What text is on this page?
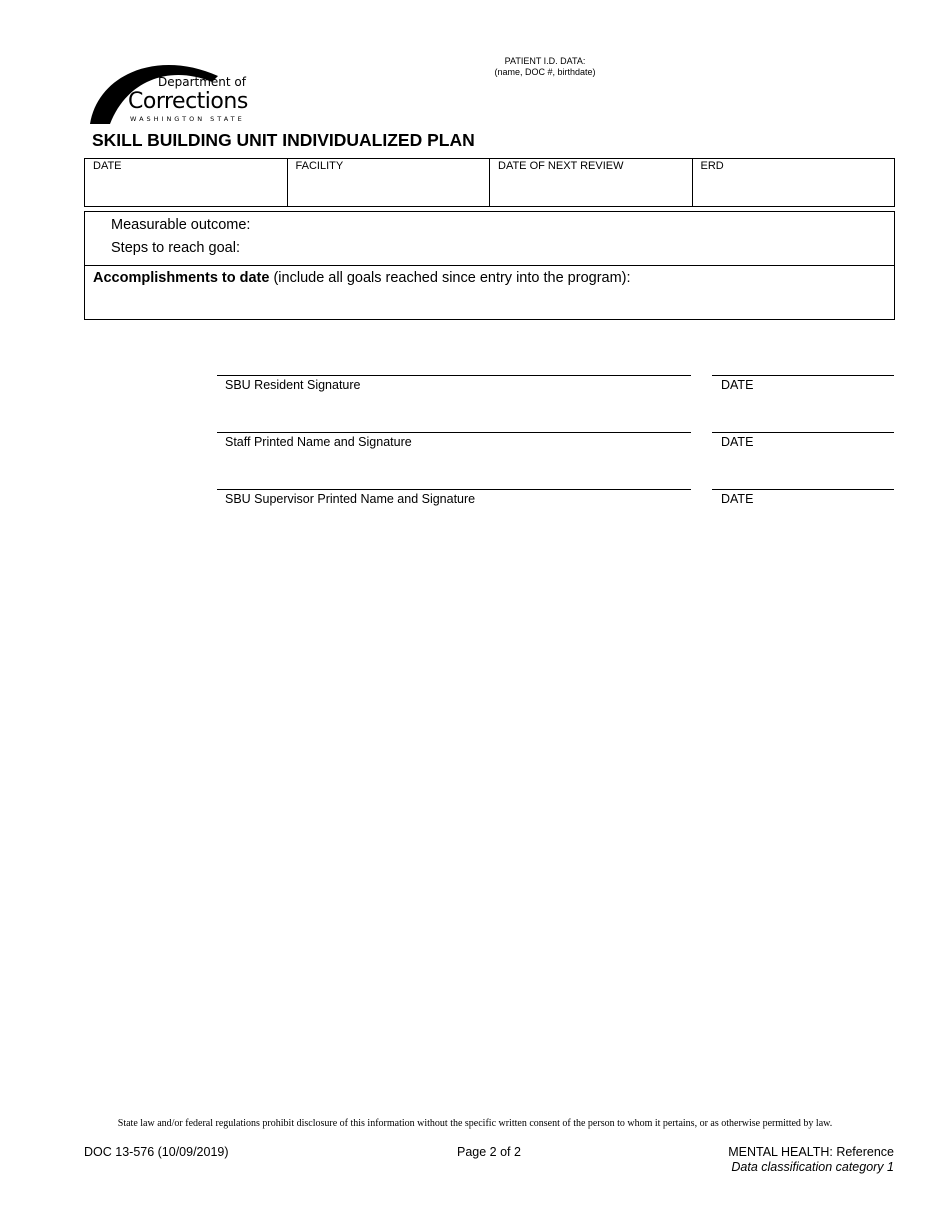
Department of
Corrections
WASHINGTON STATE
PATIENT I.D. DATA:
(name, DOC #, birthdate)
SKILL BUILDING UNIT INDIVIDUALIZED PLAN
DATE	FACILITY	DATE OF NEXT REVIEW	ERD
Measurable outcome:
Steps to reach goal:
Accomplishments to date (include all goals reached since entry into the program):
SBU Resident Signature	DATE
Staff Printed Name and Signature	DATE
SBU Supervisor Printed Name and Signature	DATE
State law and/or federal regulations prohibit disclosure of this information without the specific written consent of the person to whom it pertains, or as otherwise permitted by law.
DOC 13-576 (10/09/2019)	Page 2 of 2	MENTAL HEALTH: Reference
Data classification category 1
